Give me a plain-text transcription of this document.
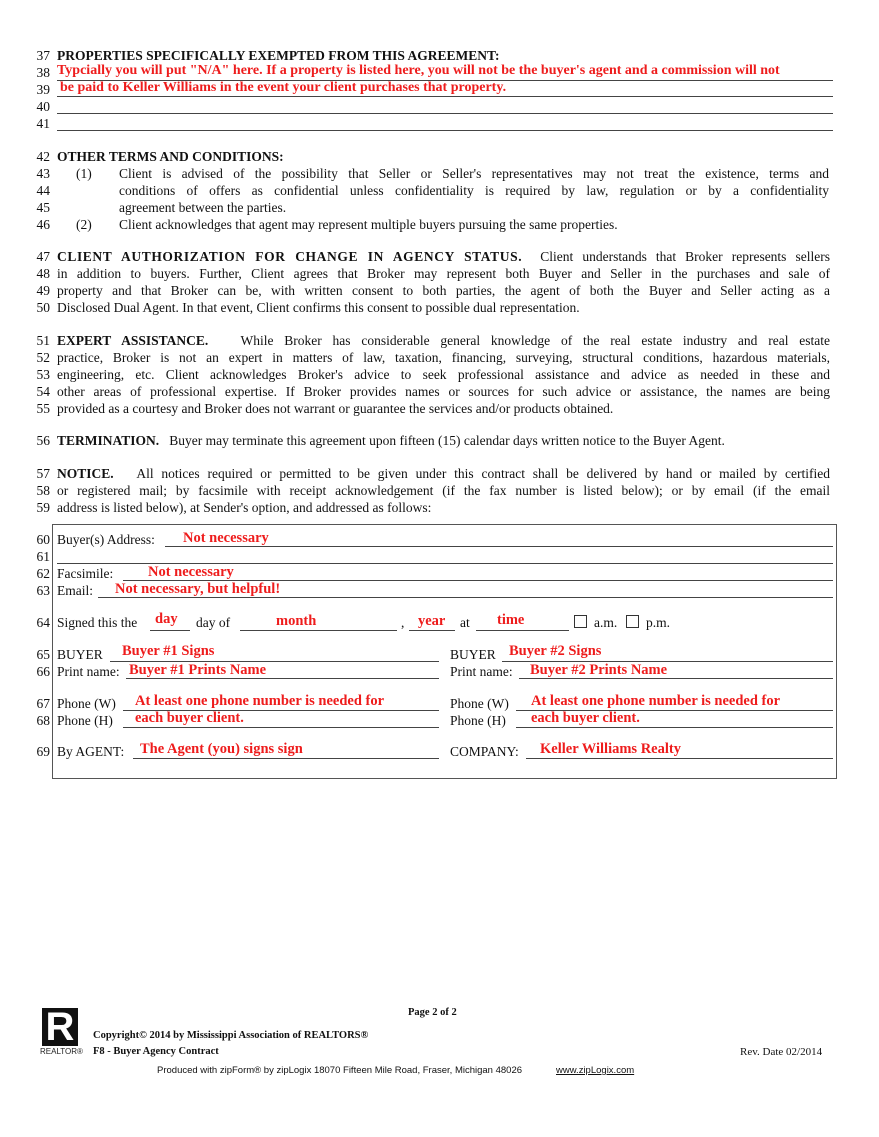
37
38
39
40
41
42
43
44
45
46
47
48
49
50
51
52
53
54
55
56
57
58
59
60
61
62
63
64
65
66
67
68
69
PROPERTIES SPECIFICALLY EXEMPTED FROM THIS AGREEMENT:
Typcially you will put "N/A" here. If a property is listed here, you will not be the buyer's agent and a commission will not
be paid to Keller Williams in the event your client purchases that property.
OTHER TERMS AND CONDITIONS:
(1) Client is advised of the possibility that Seller or Seller's representatives may not treat the existence, terms and
conditions of offers as confidential unless confidentiality is required by law, regulation or by a confidentiality
agreement between the parties.
(2) Client acknowledges that agent may represent multiple buyers pursuing the same properties.
CLIENT AUTHORIZATION FOR CHANGE IN AGENCY STATUS. Client understands that Broker represents sellers
in addition to buyers. Further, Client agrees that Broker may represent both Buyer and Seller in the purchases and sale of
property and that Broker can be, with written consent to both parties, the agent of both the Buyer and Seller acting as a
Disclosed Dual Agent. In that event, Client confirms this consent to possible dual representation.
EXPERT ASSISTANCE. While Broker has considerable general knowledge of the real estate industry and real estate
practice, Broker is not an expert in matters of law, taxation, financing, surveying, structural conditions, hazardous materials,
engineering, etc. Client acknowledges Broker's advice to seek professional assistance and advice as needed in these and
other areas of professional expertise. If Broker provides names or sources for such advice or assistance, the names are being
provided as a courtesy and Broker does not warrant or guarantee the services and/or products obtained.
TERMINATION. Buyer may terminate this agreement upon fifteen (15) calendar days written notice to the Buyer Agent.
NOTICE. All notices required or permitted to be given under this contract shall be delivered by hand or mailed by certified
or registered mail; by facsimile with receipt acknowledgement (if the fax number is listed below); or by email (if the email
address is listed below), at Sender's option, and addressed as follows:
Buyer(s) Address: Not necessary
Facsimile: Not necessary
Email: Not necessary, but helpful!
Signed this the day day of	month	, year at time	a.m. p.m.
BUYER Buyer #1 Signs	BUYER Buyer #2 Signs
Print name: Buyer #1 Prints Name	Print name: Buyer #2 Prints Name
Phone (W) At least one phone number is needed for	Phone (W) At least one phone number is needed for
Phone (H) each buyer client.	Phone (H) each buyer client.
By AGENT: The Agent (you) signs sign	COMPANY: Keller Williams Realty
R
REALTOR®
Page 2 of 2
Copyright© 2014 by Mississippi Association of REALTORS®
F8 - Buyer Agency Contract	Rev. Date 02/2014
Produced with zipForm® by zipLogix 18070 Fifteen Mile Road, Fraser, Michigan 48026	www.zipLogix.com
